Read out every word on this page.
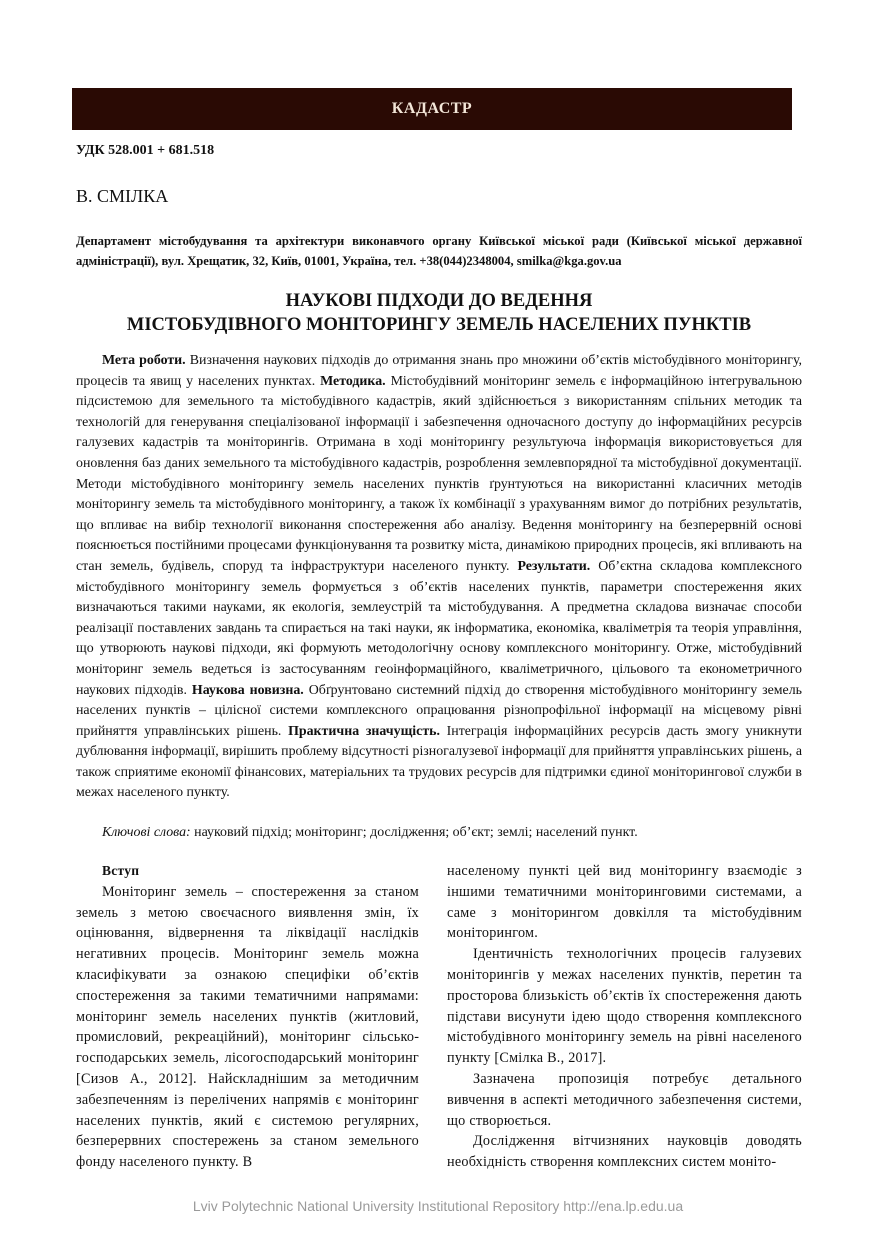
КАДАСТР
УДК 528.001 + 681.518
В. СМІЛКА
Департамент містобудування та архітектури виконавчого органу Київської міської ради (Київської міської державної адміністрації), вул. Хрещатик, 32, Київ, 01001, Україна, тел. +38(044)2348004, smilka@kga.gov.ua
НАУКОВІ ПІДХОДИ ДО ВЕДЕННЯ
МІСТОБУДІВНОГО МОНІТОРИНГУ ЗЕМЕЛЬ НАСЕЛЕНИХ ПУНКТІВ

Мета роботи. Визначення наукових підходів до отримання знань про множини об’єктів містобудівного моніторингу, процесів та явищ у населених пунктах. Методика. Містобудівний моніторинг земель є інформаційною інтегрувальною підсистемою для земельного та містобудівного кадастрів, який здійснюється з використанням спільних методик та технологій для генерування спеціалізованої інформації і забезпечення одночасного доступу до інформаційних ресурсів галузевих кадастрів та моніторингів. Отримана в ході моніторингу результуюча інформація використовується для оновлення баз даних земельного та містобудівного кадастрів, розроблення землевпорядної та містобудівної документації. Методи містобудівного моніторингу земель населених пунктів ґрунтуються на використанні класичних методів моніторингу земель та містобудівного моніторингу, а також їх комбінації з урахуванням вимог до потрібних результатів, що впливає на вибір технології виконання спостереження або аналізу. Ведення моніторингу на безперервній основі пояснюється постійними процесами функціонування та розвитку міста, динамікою природних процесів, які впливають на стан земель, будівель, споруд та інфраструктури населеного пункту. Результати. Об’єктна складова комплексного містобудівного моніторингу земель формується з об’єктів населених пунктів, параметри спостереження яких визначаються такими науками, як екологія, землеустрій та містобудування. А предметна складова визначає способи реалізації поставлених завдань та спирається на такі науки, як інформатика, економіка, кваліметрія та теорія управління, що утворюють наукові підходи, які формують методологічну основу комплексного моніторингу. Отже, містобудівний моніторинг земель ведеться із застосуванням геоінформаційного, кваліметричного, цільового та економетричного наукових підходів. Наукова новизна. Обґрунтовано системний підхід до створення містобудівного моніторингу земель населених пунктів – цілісної системи комплексного опрацювання різнопрофільної інформації на місцевому рівні прийняття управлінських рішень. Практична значущість. Інтеграція інформаційних ресурсів дасть змогу уникнути дублювання інформації, вирішить проблему відсутності різногалузевої інформації для прийняття управлінських рішень, а також сприятиме економії фінансових, матеріальних та трудових ресурсів для підтримки єдиної моніторингової служби в межах населеного пункту.

Ключові слова: науковий підхід; моніторинг; дослідження; об’єкт; землі; населений пункт.

Вступ

Моніторинг земель – спостереження за станом земель з метою своєчасного виявлення змін, їх оцінювання, відвернення та ліквідації наслідків негативних процесів. Моніторинг земель можна класифікувати за ознакою специфіки об’єктів спостереження за такими тематичними напрямами: моніторинг земель населених пунктів (житловий, промисловий, рекреаційний), моніторинг сільськогосподарських земель, лісогосподарський моніторинг [Сизов А., 2012]. Найскладнішим за методичним забезпеченням із перелічених напрямів є моніторинг населених пунктів, який є системою регулярних, безперервних спостережень за станом земельного фонду населеного пункту. В

населеному пункті цей вид моніторингу взаємодіє з іншими тематичними моніторинговими системами, а саме з моніторингом довкілля та містобудівним моніторингом.

Ідентичність технологічних процесів галузевих моніторингів у межах населених пунктів, перетин та просторова близькість об’єктів їх спостереження дають підстави висунути ідею щодо створення комплексного містобудівного моніторингу земель на рівні населеного пункту [Смілка В., 2017].

Зазначена пропозиція потребує детального вивчення в аспекті методичного забезпечення системи, що створюється.

Дослідження вітчизняних науковців доводять необхідність створення комплексних систем моніто-

Lviv Polytechnic National University Institutional Repository http://ena.lp.edu.ua
